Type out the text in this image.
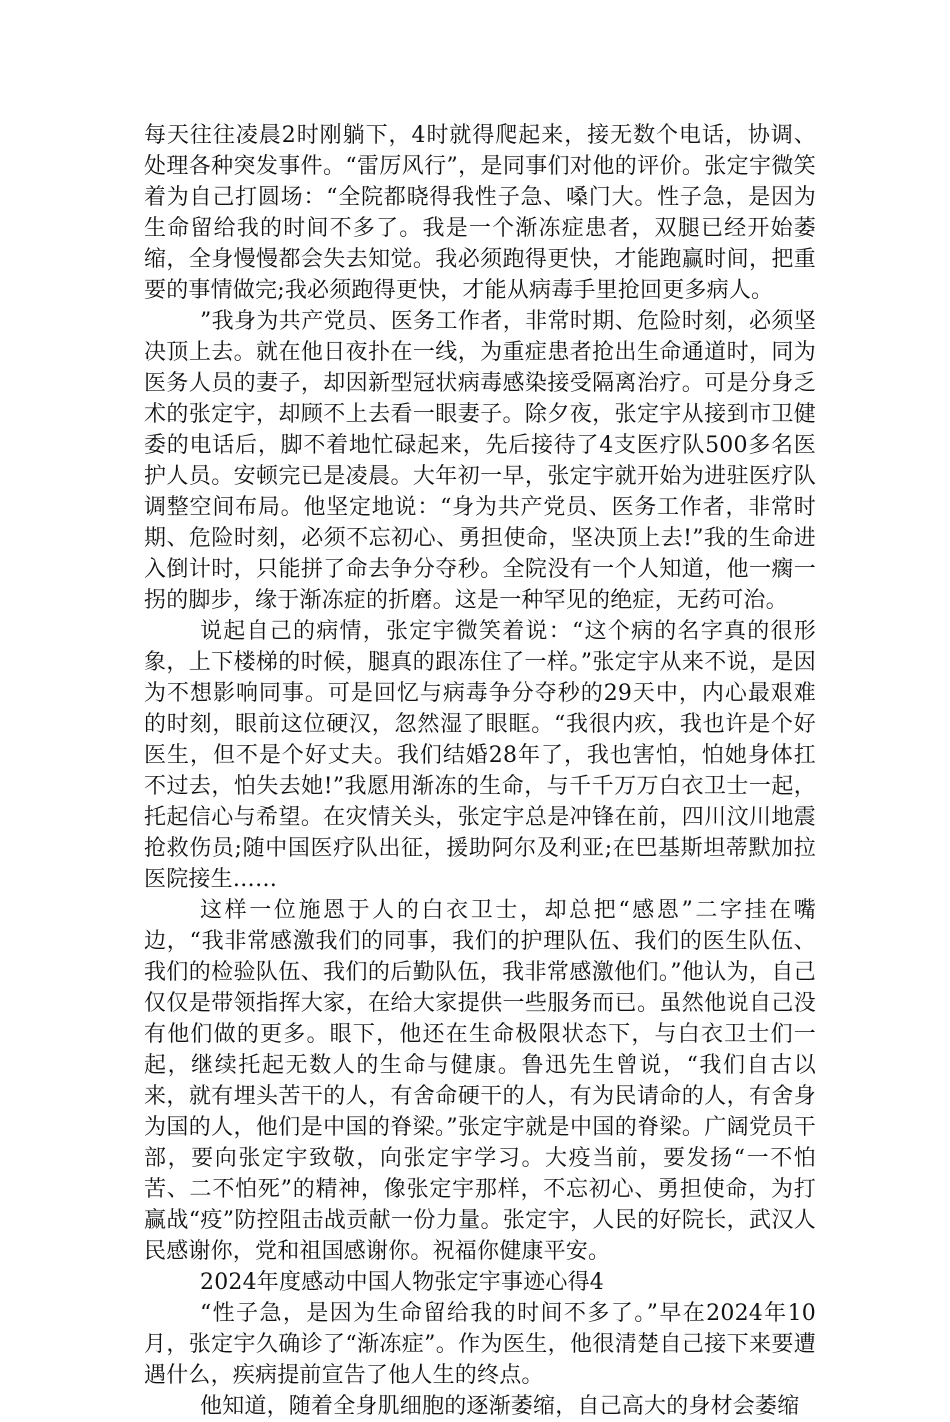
每天往往凌晨2时刚躺下，4时就得爬起来，接无数个电话，协调、处理各种突发事件。“雷厉风行”，是同事们对他的评价。张定宇微笑着为自己打圆场：“全院都晓得我性子急、嗓门大。性子急，是因为生命留给我的时间不多了。我是一个渐冻症患者，双腿已经开始萎缩，全身慢慢都会失去知觉。我必须跑得更快，才能跑赢时间，把重要的事情做完;我必须跑得更快，才能从病毒手里抢回更多病人。

”我身为共产党员、医务工作者，非常时期、危险时刻，必须坚决顶上去。就在他日夜扑在一线，为重症患者抢出生命通道时，同为医务人员的妻子，却因新型冠状病毒感染接受隔离治疗。可是分身乏术的张定宇，却顾不上去看一眼妻子。除夕夜，张定宇从接到市卫健委的电话后，脚不着地忙碌起来，先后接待了4支医疗队500多名医护人员。安顿完已是凌晨。大年初一早，张定宇就开始为进驻医疗队调整空间布局。他坚定地说：“身为共产党员、医务工作者，非常时期、危险时刻，必须不忘初心、勇担使命，坚决顶上去!”我的生命进入倒计时，只能拼了命去争分夺秒。全院没有一个人知道，他一瘸一拐的脚步，缘于渐冻症的折磨。这是一种罕见的绝症，无药可治。

说起自己的病情，张定宇微笑着说：“这个病的名字真的很形象，上下楼梯的时候，腿真的跟冻住了一样。”张定宇从来不说，是因为不想影响同事。可是回忆与病毒争分夺秒的29天中，内心最艰难的时刻，眼前这位硬汉，忽然湿了眼眶。“我很内疚，我也许是个好医生，但不是个好丈夫。我们结婚28年了，我也害怕，怕她身体扛不过去，怕失去她!”我愿用渐冻的生命，与千千万万白衣卫士一起，托起信心与希望。在灾情关头，张定宇总是冲锋在前，四川汶川地震抢救伤员;随中国医疗队出征，援助阿尔及利亚;在巴基斯坦蒂默加拉医院接生……

这样一位施恩于人的白衣卫士，却总把“感恩”二字挂在嘴边，“我非常感激我们的同事，我们的护理队伍、我们的医生队伍、我们的检验队伍、我们的后勤队伍，我非常感激他们。”他认为，自己仅仅是带领指挥大家，在给大家提供一些服务而已。虽然他说自己没有他们做的更多。眼下，他还在生命极限状态下，与白衣卫士们一起，继续托起无数人的生命与健康。鲁迅先生曾说，“我们自古以来，就有埋头苦干的人，有舍命硬干的人，有为民请命的人，有舍身为国的人，他们是中国的脊梁。”张定宇就是中国的脊梁。广阔党员干部，要向张定宇致敬，向张定宇学习。大疫当前，要发扬“一不怕苦、二不怕死”的精神，像张定宇那样，不忘初心、勇担使命，为打赢战“疫”防控阻击战贡献一份力量。张定宇，人民的好院长，武汉人民感谢你，党和祖国感谢你。祝福你健康平安。

2024年度感动中国人物张定宇事迹心得4

“性子急，是因为生命留给我的时间不多了。”早在2024年10月，张定宇久确诊了“渐冻症”。作为医生，他很清楚自己接下来要遭遇什么，疾病提前宣告了他人生的终点。

他知道，随着全身肌细胞的逐渐萎缩，自己高大的身材会萎缩
